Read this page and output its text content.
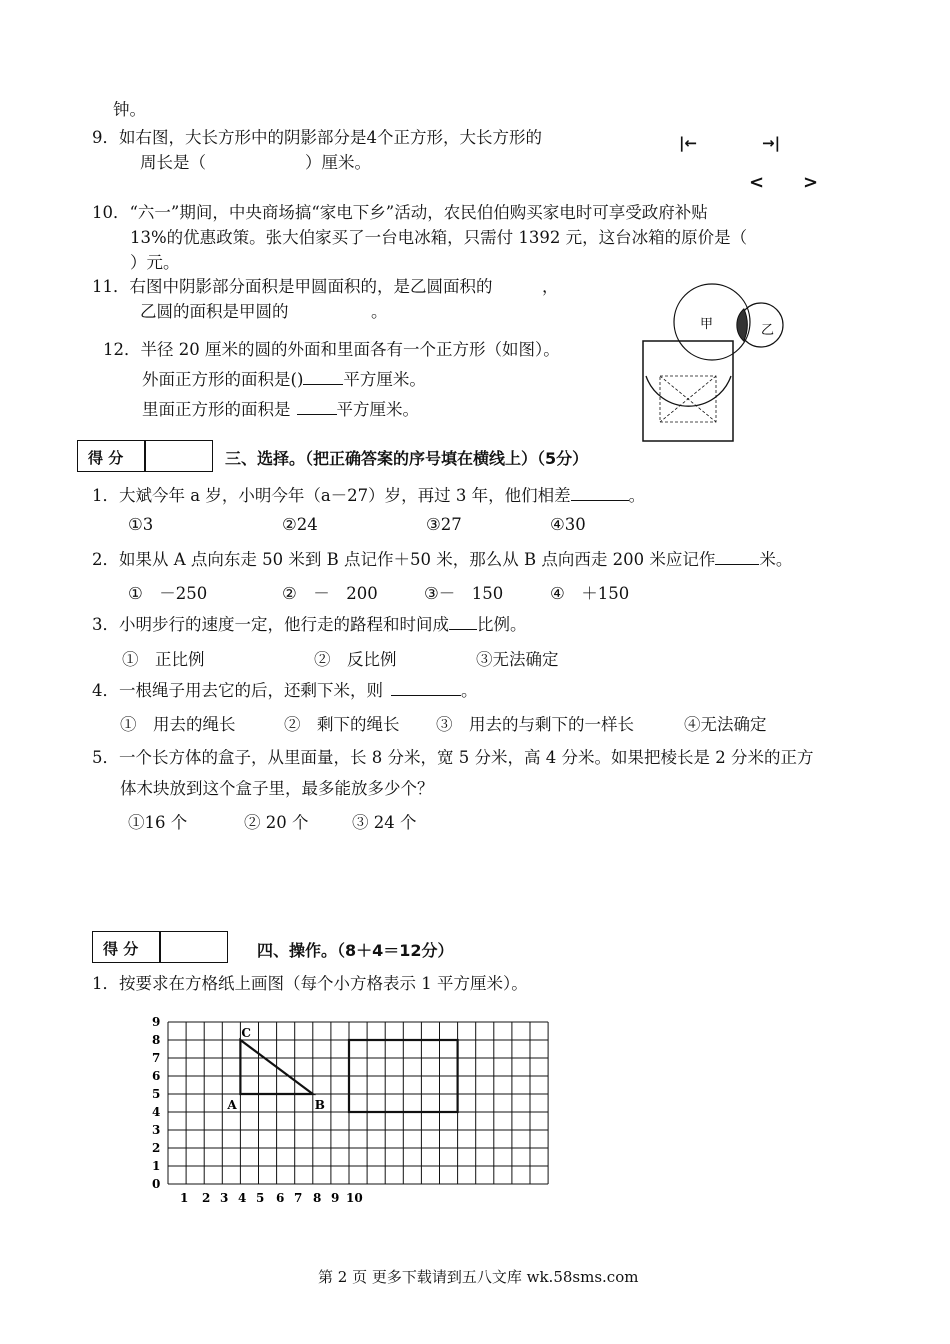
钟。
9．如右图，大长方形中的阴影部分是4个正方形，大长方形的
周长是（　　　　　　）厘米。
|←	→|
< >
10．“六一”期间，中央商场搞“家电下乡”活动，农民伯伯购买家电时可享受政府补贴
13%的优惠政策。张大伯家买了一台电冰箱，只需付 1392 元，这台冰箱的原价是（
）元。
11．右图中阴影部分面积是甲圆面积的，是乙圆面积的　　　，
乙圆的面积是甲圆的　　　　　。
甲	乙
12．半径 20 厘米的圆的外面和里面各有一个正方形（如图）。
外面正方形的面积是() 平方厘米。
里面正方形的面积是	平方厘米。
得 分	三、选择。（把正确答案的序号填在横线上）（5分）
1．大斌今年 a 岁，小明今年（a－27）岁，再过 3 年，他们相差	。
①3	②24	③27	④30
2．如果从 A 点向东走 50 米到 B 点记作＋50 米，那么从 B 点向西走 200 米应记作	米。
①　－250	②　－　200	③－　150	④　＋150
3．小明步行的速度一定，他行走的路程和时间成 比例。
①　正比例	②　反比例	③无法确定
4．一根绳子用去它的后，还剩下米，则	。
①　用去的绳长	②　剩下的绳长 ③　用去的与剩下的一样长	④无法确定
5．一个长方体的盒子，从里面量，长 8 分米，宽 5 分米，高 4 分米。如果把棱长是 2 分米的正方
体木块放到这个盒子里，最多能放多少个？
①16 个	② 20 个	③ 24 个
得 分	四、操作。（8＋4＝12分）
1．按要求在方格纸上画图（每个小方格表示 1 平方厘米）。
9
8
7
6
5
4
3
2
1
0
1 2 3 4 5 6 7 8 9 10
A	B
C
第 2 页 更多下载请到五八文库 wk.58sms.com
